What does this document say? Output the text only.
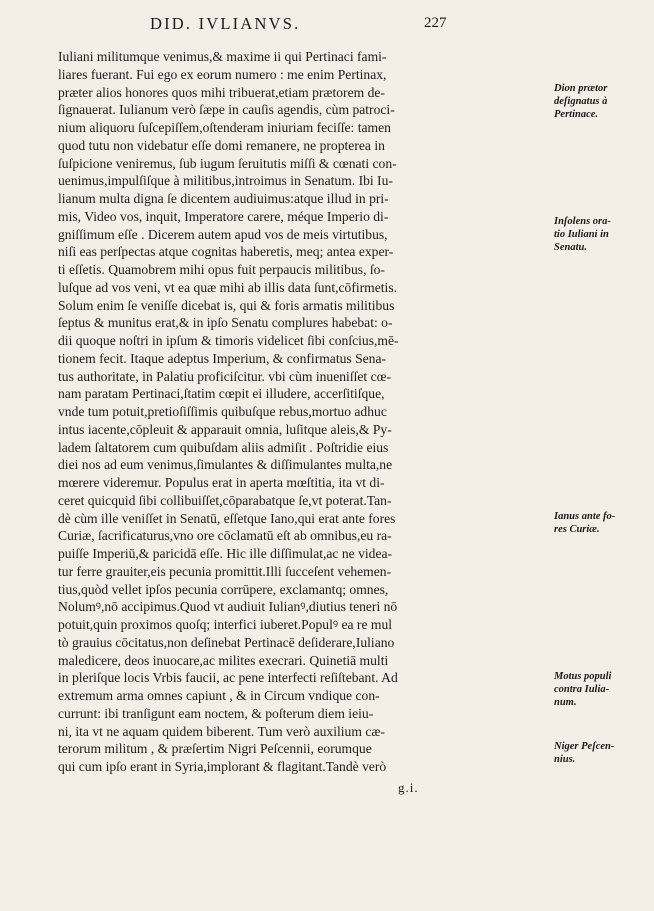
DID. IVLIANVS.	227
Dion prætor
deſignatus à
Pertinace.
Inſolens ora-
tio Iuliani in
Senatu.
Ianus ante fo-
res Curiæ.
Motus populi
contra Iulia-
num.
Niger Peſcen-
nius.
Iuliani militumque venimus,& maxime ii qui Pertinaci fami-
liares fuerant. Fui ego ex eorum numero : me enim Pertinax,
præter alios honores quos mihi tribuerat,etiam prætorem de-
ſignauerat. Iulianum verò ſæpe in cauſis agendis, cùm patroci-
nium aliquoru ſuſcepiſſem,oſtenderam iniuriam feciſſe: tamen
quod tutu non videbatur eſſe domi remanere, ne propterea in
ſuſpicione veniremus, ſub iugum ſeruitutis miſſi & cœnati con-
uenimus,impulſiſque à militibus,introimus in Senatum. Ibi Iu-
lianum multa digna ſe dicentem audiuimus:atque illud in pri-
mis, Video vos, inquit, Imperatore carere, méque Imperio di-
gniſſimum eſſe . Dicerem autem apud vos de meis virtutibus,
niſi eas perſpectas atque cognitas haberetis, meq; antea exper-
ti eſſetis. Quamobrem mihi opus fuit perpaucis militibus, ſo-
luſque ad vos veni, vt ea quæ mihi ab illis data ſunt,cōfirmetis.
Solum enim ſe veniſſe dicebat is, qui & foris armatis militibus
ſeptus & munitus erat,& in ipſo Senatu complures habebat: o-
dii quoque noſtri in ipſum & timoris videlicet ſibi conſcius,mē-
tionem fecit. Itaque adeptus Imperium, & confirmatus Sena-
tus authoritate, in Palatiu proficiſcitur. vbi cùm inueniſſet cœ-
nam paratam Pertinaci,ſtatim cœpit ei illudere, accerſitiſque,
vnde tum potuit,pretioſiſſimis quibuſque rebus,mortuo adhuc
intus iacente,cōpleuit & apparauit omnia, luſitque aleis,& Py-
ladem ſaltatorem cum quibuſdam aliis admiſit . Poſtridie eius
diei nos ad eum venimus,ſimulantes & diſſimulantes multa,ne
mœrere videremur. Populus erat in aperta mœſtitia, ita vt di-
ceret quicquid ſibi collibuiſſet,cōparabatque ſe,vt poterat.Tan-
dè cùm ille veniſſet in Senatū, eſſetque Iano,qui erat ante fores
Curiæ, ſacrificaturus,vno ore cōclamatū eſt ab omnibus,eu ra-
puiſſe Imperiū,& paricidā eſſe. Hic ille diſſimulat,ac ne videa-
tur ferre grauiter,eis pecunia promittit.Illi ſucceſent vehemen-
tius,quòd vellet ipſos pecunia corrūpere, exclamantq; omnes,
Nolumꝰ,nō accipimus.Quod vt audiuit Iulianꝰ,diutius teneri nō
potuit,quin proximos quoſq; interfici iuberet.Populꝰ ea re mul
tò grauius cōcitatus,non deſinebat Pertinacē deſiderare,Iuliano
maledicere, deos inuocare,ac milites execrari. Quinetiā multi
in pleriſque locis Vrbis faucii, ac pene interfecti reſiſtebant. Ad
extremum arma omnes capiunt , & in Circum vndique con-
currunt: ibi tranſigunt eam noctem, & poſterum diem ieiu-
ni, ita vt ne aquam quidem biberent. Tum verò auxilium cæ-
terorum militum , & præſertim Nigri Peſcennii, eorumque
qui cum ipſo erant in Syria,implorant & flagitant.Tandè verò
g.i.
